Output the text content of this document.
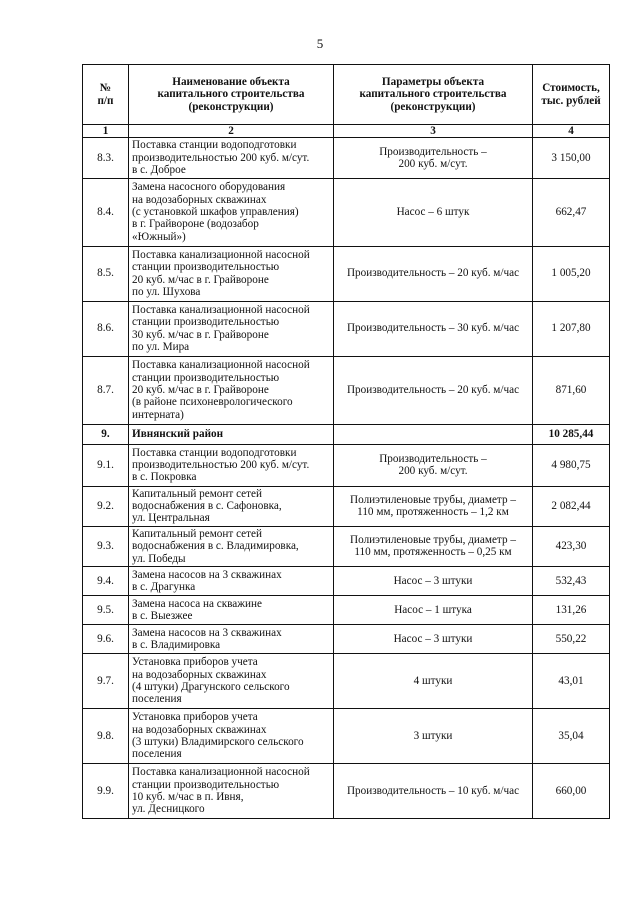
5
№
п/п	Наименование объекта
капитального строительства
(реконструкции)	Параметры объекта
капитального строительства
(реконструкции)	Стоимость,
тыс. рублей
1	2	3	4
8.3.	Поставка станции водоподготовки
производительностью 200 куб. м/сут.
в с. Доброе	Производительность –
200 куб. м/сут.	3 150,00
8.4.	Замена насосного оборудования
на водозаборных скважинах
(с установкой шкафов управления)
в г. Грайвороне (водозабор
«Южный»)	Насос – 6 штук	662,47
8.5.	Поставка канализационной насосной
станции производительностью
20 куб. м/час в г. Грайвороне
по ул. Шухова	Производительность – 20 куб. м/час	1 005,20
8.6.	Поставка канализационной насосной
станции производительностью
30 куб. м/час в г. Грайвороне
по ул. Мира	Производительность – 30 куб. м/час	1 207,80
8.7.	Поставка канализационной насосной
станции производительностью
20 куб. м/час в г. Грайвороне
(в районе психоневрологического
интерната)	Производительность – 20 куб. м/час	871,60
9.	Ивнянский район		10 285,44
9.1.	Поставка станции водоподготовки
производительностью 200 куб. м/сут.
в с. Покровка	Производительность –
200 куб. м/сут.	4 980,75
9.2.	Капитальный ремонт сетей
водоснабжения в с. Сафоновка,
ул. Центральная	Полиэтиленовые трубы, диаметр –
110 мм, протяженность – 1,2 км	2 082,44
9.3.	Капитальный ремонт сетей
водоснабжения в с. Владимировка,
ул. Победы	Полиэтиленовые трубы, диаметр –
110 мм, протяженность – 0,25 км	423,30
9.4.	Замена насосов на 3 скважинах
в с. Драгунка	Насос – 3 штуки	532,43
9.5.	Замена насоса на скважине
в с. Выезжее	Насос – 1 штука	131,26
9.6.	Замена насосов на 3 скважинах
в с. Владимировка	Насос – 3 штуки	550,22
9.7.	Установка приборов учета
на водозаборных скважинах
(4 штуки) Драгунского сельского
поселения	4 штуки	43,01
9.8.	Установка приборов учета
на водозаборных скважинах
(3 штуки) Владимирского сельского
поселения	3 штуки	35,04
9.9.	Поставка канализационной насосной
станции производительностью
10 куб. м/час в п. Ивня,
ул. Десницкого	Производительность – 10 куб. м/час	660,00
